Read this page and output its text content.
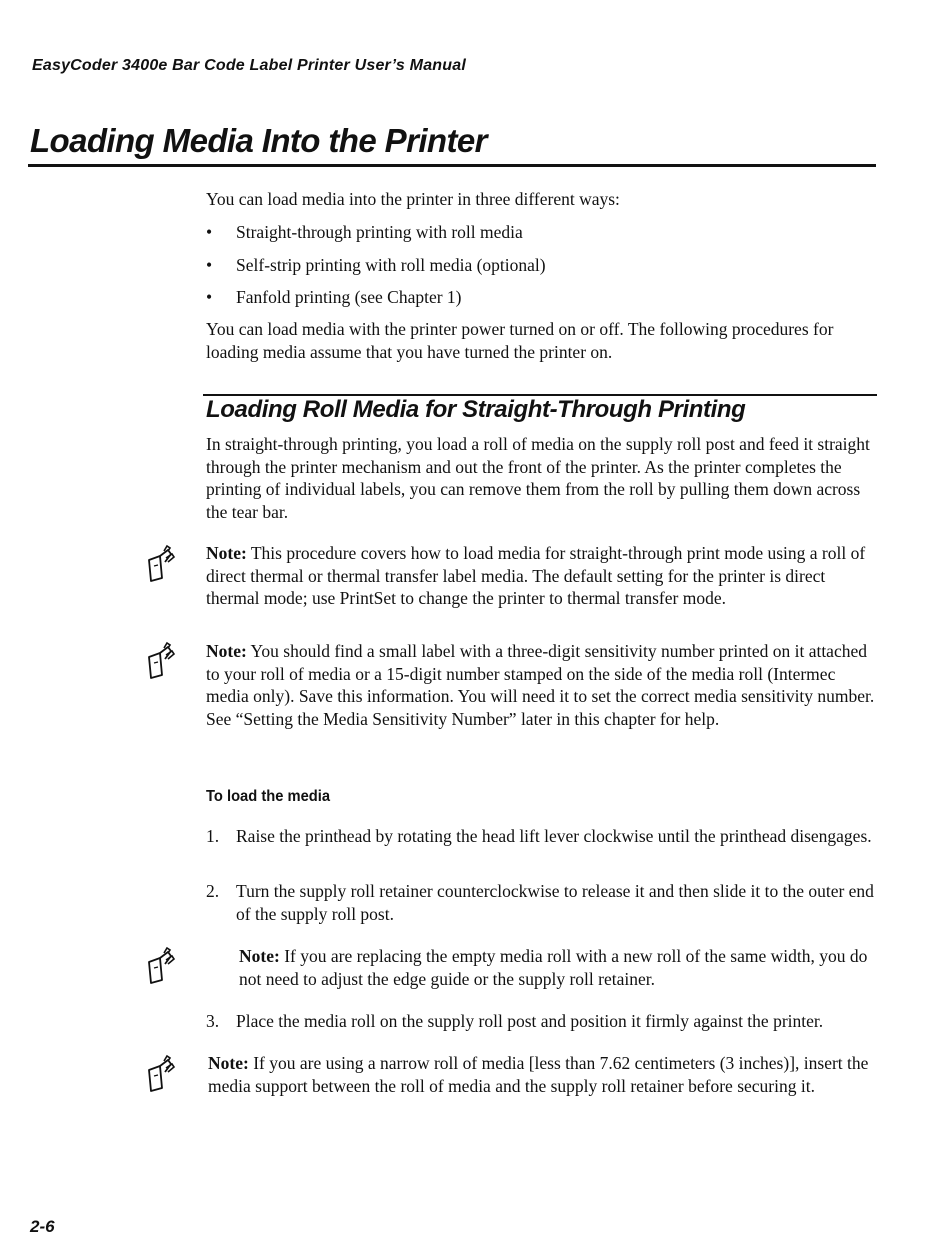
EasyCoder 3400e Bar Code Label Printer User’s Manual
Loading Media Into the Printer
You can load media into the printer in three different ways:
• Straight-through printing with roll media
• Self-strip printing with roll media (optional)
• Fanfold printing (see Chapter 1)
You can load media with the printer power turned on or off. The following procedures for loading media assume that you have turned the printer on.
Loading Roll Media for Straight-Through Printing
In straight-through printing, you load a roll of media on the supply roll post and feed it straight through the printer mechanism and out the front of the printer. As the printer completes the printing of individual labels, you can remove them from the roll by pulling them down across the tear bar.
Note: This procedure covers how to load media for straight-through print mode using a roll of direct thermal or thermal transfer label media. The default setting for the printer is direct thermal mode; use PrintSet to change the printer to thermal transfer mode.
Note: You should find a small label with a three-digit sensitivity number printed on it attached to your roll of media or a 15-digit number stamped on the side of the media roll (Intermec media only). Save this information. You will need it to set the correct media sensitivity number. See “Setting the Media Sensitivity Number” later in this chapter for help.
To load the media
1. Raise the printhead by rotating the head lift lever clockwise until the printhead disengages.
2. Turn the supply roll retainer counterclockwise to release it and then slide it to the outer end of the supply roll post.
Note: If you are replacing the empty media roll with a new roll of the same width, you do not need to adjust the edge guide or the supply roll retainer.
3. Place the media roll on the supply roll post and position it firmly against the printer.
Note: If you are using a narrow roll of media [less than 7.62 centimeters (3 inches)], insert the media support between the roll of media and the supply roll retainer before securing it.
2-6
